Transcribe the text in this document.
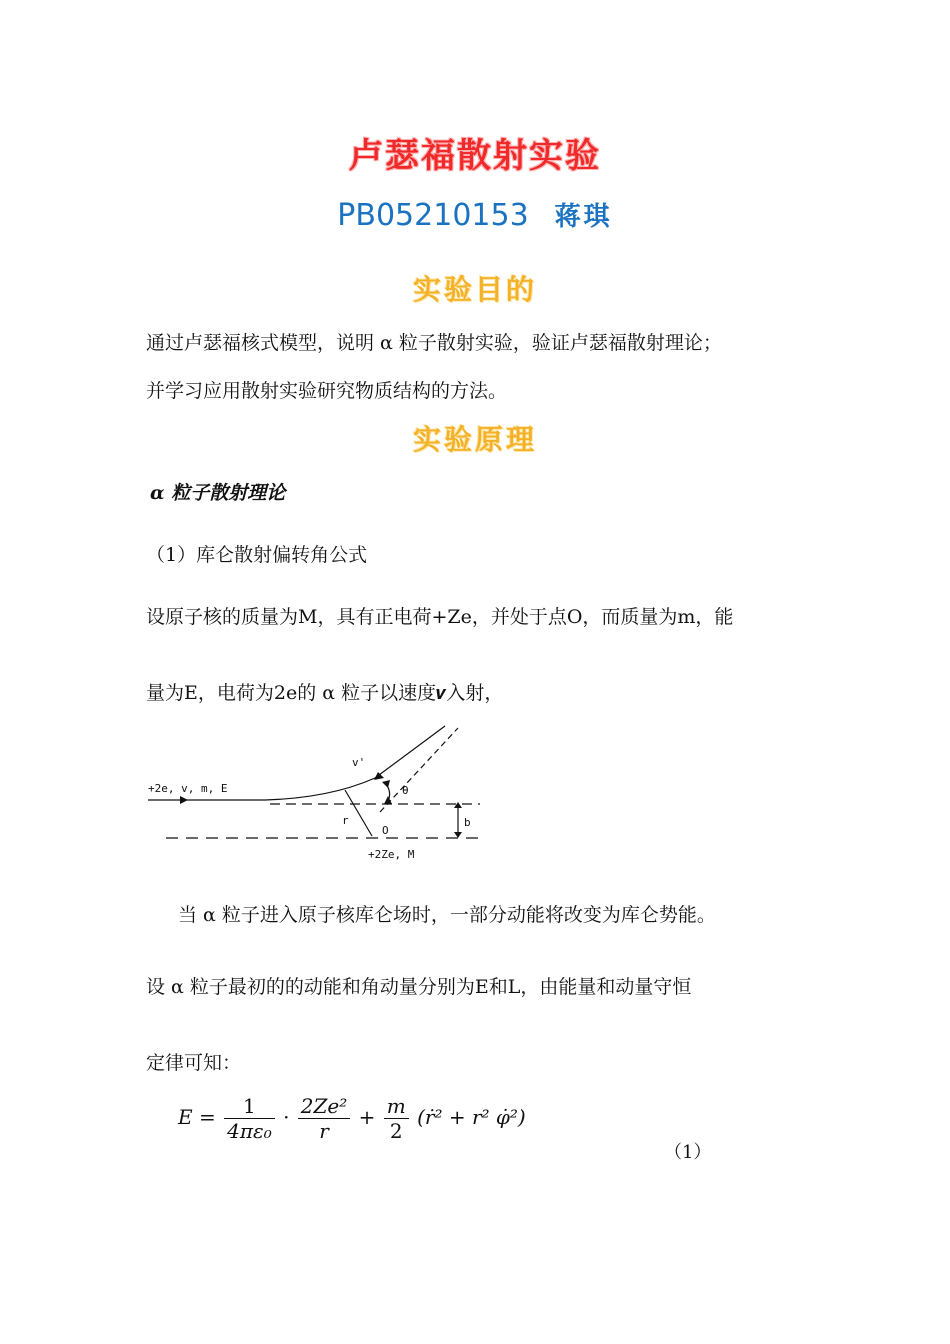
卢瑟福散射实验
PB05210153 蒋琪
实验目的
通过卢瑟福核式模型，说明 α 粒子散射实验，验证卢瑟福散射理论；
并学习应用散射实验研究物质结构的方法。
实验原理
α 粒子散射理论
（1）库仑散射偏转角公式
设原子核的质量为M，具有正电荷+Ze，并处于点O，而质量为m，能
量为E，电荷为2e的 α 粒子以速度𝒗入射，
+2e, v, m, E
v'
θ
r
O
b
+2Ze, M
当 α 粒子进入原子核库仑场时，一部分动能将改变为库仑势能。
设 α 粒子最初的的动能和角动量分别为E和L，由能量和动量守恒
定律可知：
$E = \frac{1}{\text{4πε₀}} \cdot \frac{\text{2Ze²}}{r} + \frac{m}{2}$ (ṙ² + r² φ̇²)
（1）
